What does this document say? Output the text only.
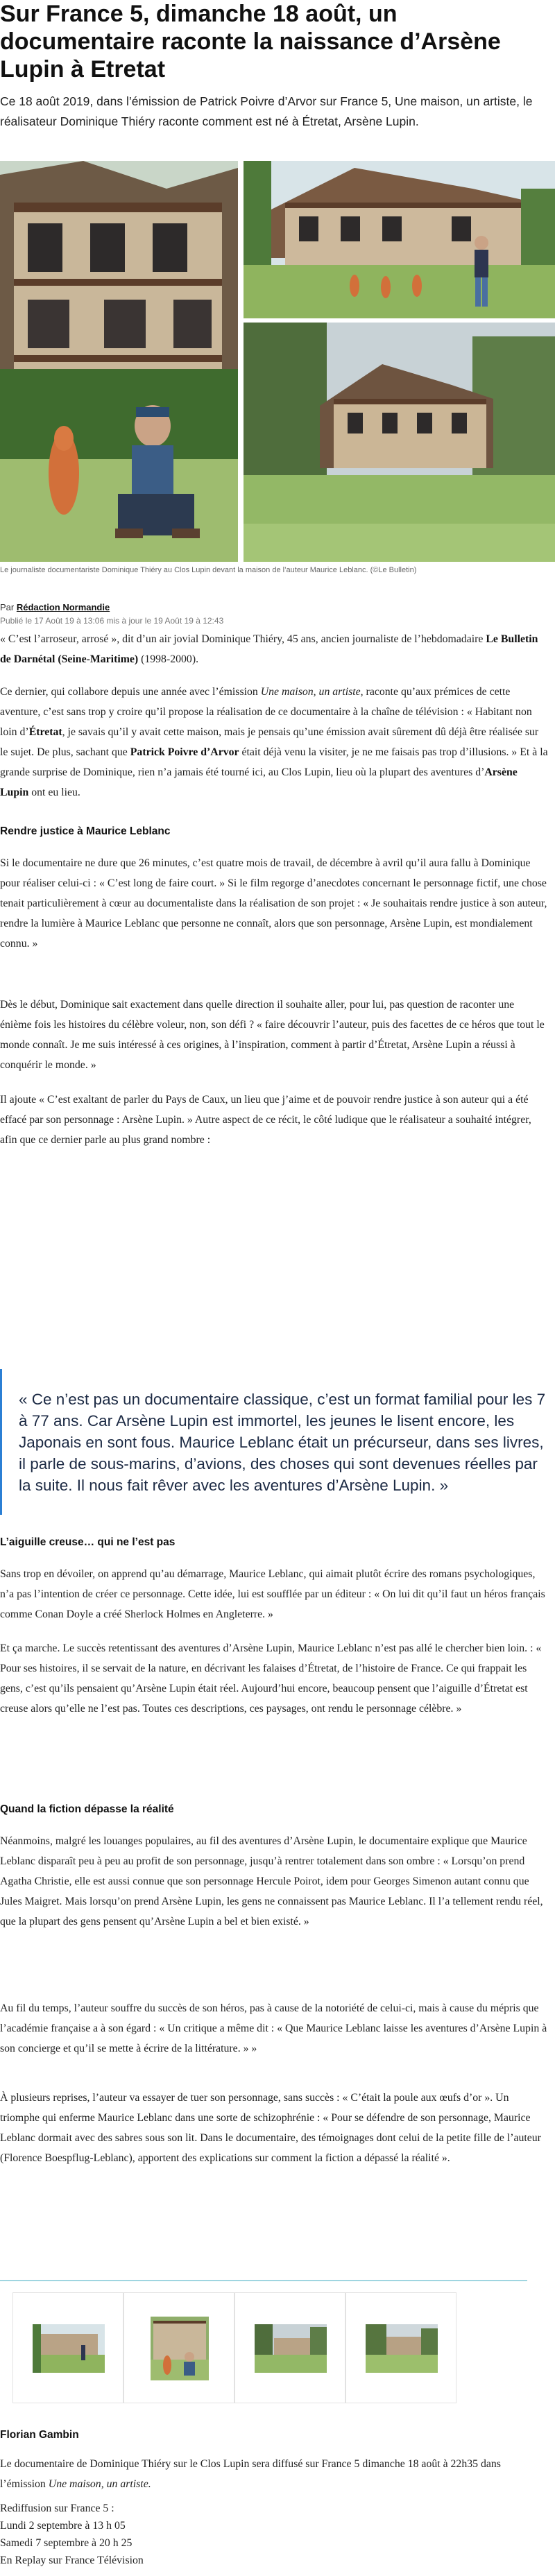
Sur France 5, dimanche 18 août, un documentaire raconte la naissance d’Arsène Lupin à Etretat

Ce 18 août 2019, dans l’émission de Patrick Poivre d’Arvor sur France 5, Une maison, un artiste, le réalisateur Dominique Thiéry raconte comment est né à Étretat, Arsène Lupin.

Le journaliste documentariste Dominique Thiéry au Clos Lupin devant la maison de l’auteur Maurice Leblanc. (©Le Bulletin)
Par Rédaction Normandie
Publié le 17 Août 19 à 13:06 mis à jour le 19 Août 19 à 12:43

« C’est l’arroseur, arrosé », dit d’un air jovial Dominique Thiéry, 45 ans, ancien journaliste de l’hebdomadaire Le Bulletin de Darnétal (Seine-Maritime) (1998-2000).

Ce dernier, qui collabore depuis une année avec l’émission Une maison, un artiste, raconte qu’aux prémices de cette aventure, c’est sans trop y croire qu’il propose la réalisation de ce documentaire à la chaîne de télévision : « Habitant non loin d’Étretat, je savais qu’il y avait cette maison, mais je pensais qu’une émission avait sûrement dû déjà être réalisée sur le sujet. De plus, sachant que Patrick Poivre d’Arvor était déjà venu la visiter, je ne me faisais pas trop d’illusions. » Et à la grande surprise de Dominique, rien n’a jamais été tourné ici, au Clos Lupin, lieu où la plupart des aventures d’Arsène Lupin ont eu lieu.

Rendre justice à Maurice Leblanc

Si le documentaire ne dure que 26 minutes, c’est quatre mois de travail, de décembre à avril qu’il aura fallu à Dominique pour réaliser celui-ci : « C’est long de faire court. » Si le film regorge d’anecdotes concernant le personnage fictif, une chose tenait particulièrement à cœur au documentaliste dans la réalisation de son projet : « Je souhaitais rendre justice à son auteur, rendre la lumière à Maurice Leblanc que personne ne connaît, alors que son personnage, Arsène Lupin, est mondialement connu. »

Dès le début, Dominique sait exactement dans quelle direction il souhaite aller, pour lui, pas question de raconter une énième fois les histoires du célèbre voleur, non, son défi ? « faire découvrir l’auteur, puis des facettes de ce héros que tout le monde connaît. Je me suis intéressé à ces origines, à l’inspiration, comment à partir d’Étretat, Arsène Lupin a réussi à conquérir le monde. »

Il ajoute « C’est exaltant de parler du Pays de Caux, un lieu que j’aime et de pouvoir rendre justice à son auteur qui a été effacé par son personnage : Arsène Lupin. » Autre aspect de ce récit, le côté ludique que le réalisateur a souhaité intégrer, afin que ce dernier parle au plus grand nombre :

« Ce n’est pas un documentaire classique, c’est un format familial pour les 7 à 77 ans. Car Arsène Lupin est immortel, les jeunes le lisent encore, les Japonais en sont fous. Maurice Leblanc était un précurseur, dans ses livres, il parle de sous-marins, d’avions, des choses qui sont devenues réelles par la suite. Il nous fait rêver avec les aventures d’Arsène Lupin. »

L’aiguille creuse… qui ne l’est pas

Sans trop en dévoiler, on apprend qu’au démarrage, Maurice Leblanc, qui aimait plutôt écrire des romans psychologiques, n’a pas l’intention de créer ce personnage. Cette idée, lui est soufflée par un éditeur : « On lui dit qu’il faut un héros français comme Conan Doyle a créé Sherlock Holmes en Angleterre. »

Et ça marche. Le succès retentissant des aventures d’Arsène Lupin, Maurice Leblanc n’est pas allé le chercher bien loin. : « Pour ses histoires, il se servait de la nature, en décrivant les falaises d’Étretat, de l’histoire de France. Ce qui frappait les gens, c’est qu’ils pensaient qu’Arsène Lupin était réel. Aujourd’hui encore, beaucoup pensent que l’aiguille d’Étretat est creuse alors qu’elle ne l’est pas. Toutes ces descriptions, ces paysages, ont rendu le personnage célèbre. »

Quand la fiction dépasse la réalité

Néanmoins, malgré les louanges populaires, au fil des aventures d’Arsène Lupin, le documentaire explique que Maurice Leblanc disparaît peu à peu au profit de son personnage, jusqu’à rentrer totalement dans son ombre : « Lorsqu’on prend Agatha Christie, elle est aussi connue que son personnage Hercule Poirot, idem pour Georges Simenon autant connu que Jules Maigret. Mais lorsqu’on prend Arsène Lupin, les gens ne connaissent pas Maurice Leblanc. Il l’a tellement rendu réel, que la plupart des gens pensent qu’Arsène Lupin a bel et bien existé. »

Au fil du temps, l’auteur souffre du succès de son héros, pas à cause de la notoriété de celui-ci, mais à cause du mépris que l’académie française a à son égard : « Un critique a même dit : « Que Maurice Leblanc laisse les aventures d’Arsène Lupin à son concierge et qu’il se mette à écrire de la littérature. » »

À plusieurs reprises, l’auteur va essayer de tuer son personnage, sans succès : « C’était la poule aux œufs d’or ». Un triomphe qui enferme Maurice Leblanc dans une sorte de schizophrénie : « Pour se défendre de son personnage, Maurice Leblanc dormait avec des sabres sous son lit. Dans le documentaire, des témoignages dont celui de la petite fille de l’auteur (Florence Boespflug-Leblanc), apportent des explications sur comment la fiction a dépassé la réalité ».

Florian Gambin

Le documentaire de Dominique Thiéry sur le Clos Lupin sera diffusé sur France 5 dimanche 18 août à 22h35 dans l’émission Une maison, un artiste.

Rediffusion sur France 5 :

Lundi 2 septembre à 13 h 05

Samedi 7 septembre à 20 h 25

En Replay sur France Télévision
